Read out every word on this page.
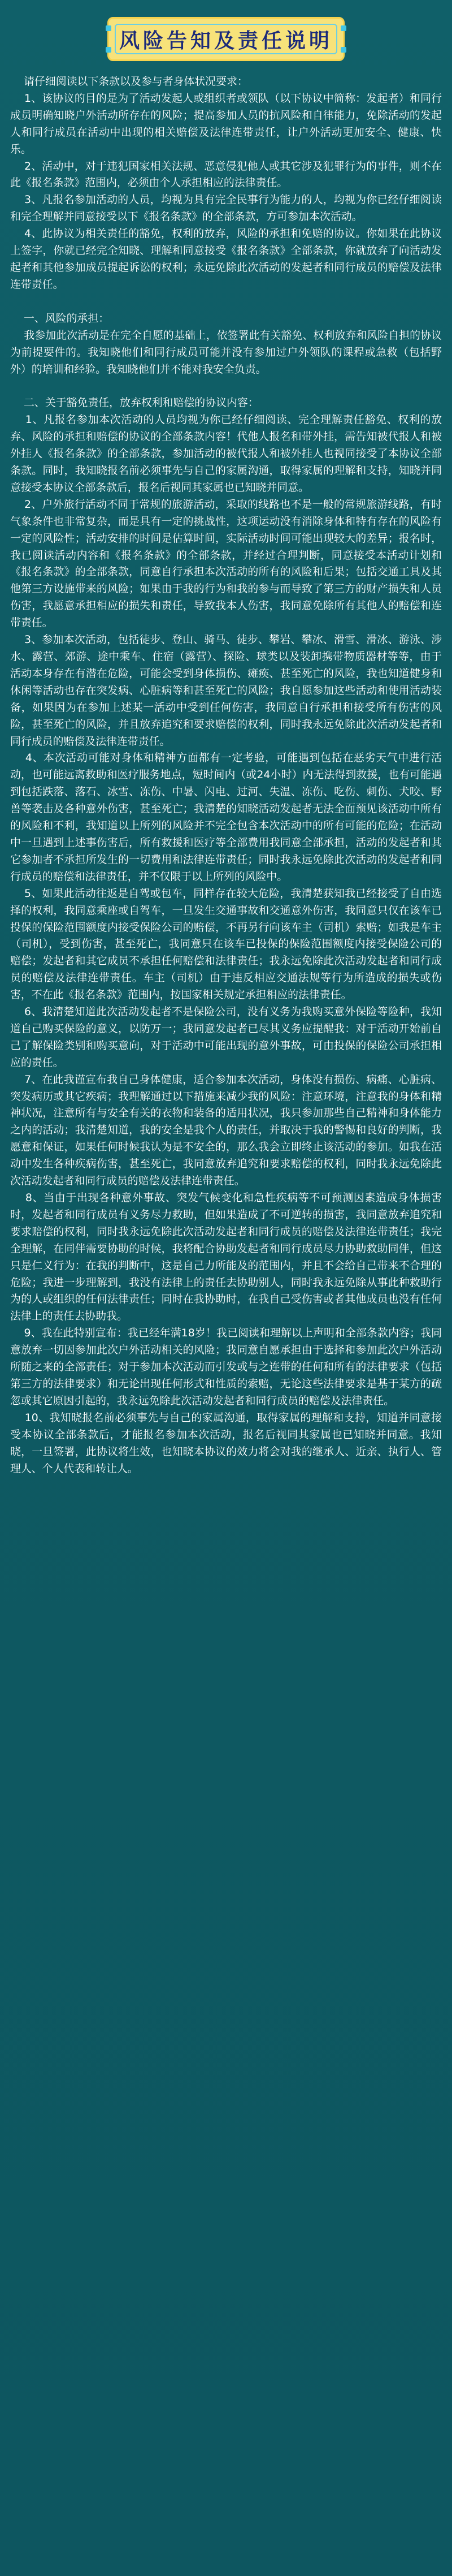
风险告知及责任说明

请仔细阅读以下条款以及参与者身体状况要求：

1、该协议的目的是为了活动发起人或组织者或领队（以下协议中简称：发起者）和同行成员明确知晓户外活动所存在的风险；提高参加人员的抗风险和自律能力，免除活动的发起人和同行成员在活动中出现的相关赔偿及法律连带责任，让户外活动更加安全、健康、快乐。

2、活动中，对于违犯国家相关法规、恶意侵犯他人或其它涉及犯罪行为的事件，则不在此《报名条款》范围内，必须由个人承担相应的法律责任。

3、凡报名参加活动的人员，均视为具有完全民事行为能力的人，均视为你已经仔细阅读和完全理解并同意接受以下《报名条款》的全部条款，方可参加本次活动。

4、此协议为相关责任的豁免，权利的放弃，风险的承担和免赔的协议。你如果在此协议上签字，你就已经完全知晓、理解和同意接受《报名条款》全部条款，你就放弃了向活动发起者和其他参加成员提起诉讼的权利；永远免除此次活动的发起者和同行成员的赔偿及法律连带责任。

一、风险的承担：

我参加此次活动是在完全自愿的基础上，依签署此有关豁免、权利放弃和风险自担的协议为前提要件的。我知晓他们和同行成员可能并没有参加过户外领队的课程或急救（包括野外）的培训和经验。我知晓他们并不能对我安全负责。

二、关于豁免责任，放弃权利和赔偿的协议内容：

1、凡报名参加本次活动的人员均视为你已经仔细阅读、完全理解责任豁免、权利的放弃、风险的承担和赔偿的协议的全部条款内容！代他人报名和带外挂，需告知被代报人和被外挂人《报名条款》的全部条款，参加活动的被代报人和被外挂人也视同接受了本协议全部条款。同时，我知晓报名前必须事先与自己的家属沟通，取得家属的理解和支持，知晓并同意接受本协议全部条款后，报名后视同其家属也已知晓并同意。

2、户外旅行活动不同于常规的旅游活动，采取的线路也不是一般的常规旅游线路，有时气象条件也非常复杂，而是具有一定的挑战性，这项运动没有消除身体和特有存在的风险有一定的风险性；活动安排的时间是估算时间，实际活动时间可能出现较大的差异；报名时，我已阅读活动内容和《报名条款》的全部条款，并经过合理判断，同意接受本活动计划和《报名条款》的全部条款，同意自行承担本次活动的所有的风险和后果；包括交通工具及其他第三方设施带来的风险；如果由于我的行为和我的参与而导致了第三方的财产损失和人员伤害，我愿意承担相应的损失和责任，导致我本人伤害，我同意免除所有其他人的赔偿和连带责任。

3、参加本次活动，包括徒步、登山、骑马、徒步、攀岩、攀冰、滑雪、滑冰、游泳、涉水、露营、郊游、途中乘车、住宿（露营）、探险、球类以及装卸携带物质器材等等，由于活动本身存在有潜在危险，可能会受到身体损伤、瘫痪、甚至死亡的风险，我也知道健身和休闲等活动也存在突发病、心脏病等和甚至死亡的风险；我自愿参加这些活动和使用活动装备，如果因为在参加上述某一活动中受到任何伤害，我同意自行承担和接受所有伤害的风险，甚至死亡的风险，并且放弃追究和要求赔偿的权利，同时我永远免除此次活动发起者和同行成员的赔偿及法律连带责任。

4、本次活动可能对身体和精神方面都有一定考验，可能遇到包括在恶劣天气中进行活动，也可能远离救助和医疗服务地点，短时间内（或24小时）内无法得到救援，也有可能遇到包括跌落、落石、冰雪、冻伤、中暑、闪电、过河、失温、冻伤、吃伤、刺伤、犬咬、野兽等袭击及各种意外伤害，甚至死亡；我清楚的知晓活动发起者无法全面预见该活动中所有的风险和不利，我知道以上所列的风险并不完全包含本次活动中的所有可能的危险；在活动中一旦遇到上述事伤害后，所有救援和医疗等全部费用我同意全部承担，活动的发起者和其它参加者不承担所发生的一切费用和法律连带责任；同时我永远免除此次活动的发起者和同行成员的赔偿和法律责任，并不仅限于以上所列的风险中。

5、如果此活动往返是自驾或包车，同样存在较大危险，我清楚获知我已经接受了自由选择的权利，我同意乘座或自驾车，一旦发生交通事故和交通意外伤害，我同意只仅在该车已投保的保险范围额度内接受保险公司的赔偿，不再另行向该车主（司机）索赔；如我是车主（司机），受到伤害，甚至死亡，我同意只在该车已投保的保险范围额度内接受保险公司的赔偿；发起者和其它成员不承担任何赔偿和法律责任；我永远免除此次活动发起者和同行成员的赔偿及法律连带责任。车主（司机）由于违反相应交通法规等行为所造成的损失或伤害，不在此《报名条款》范围内，按国家相关规定承担相应的法律责任。

6、我清楚知道此次活动发起者不是保险公司，没有义务为我购买意外保险等险种，我知道自己购买保险的意义，以防万一；我同意发起者已尽其义务应提醒我：对于活动开始前自己了解保险类别和购买意向，对于活动中可能出现的意外事故，可由投保的保险公司承担相应的责任。

7、在此我谨宣布我自己身体健康，适合参加本次活动，身体没有损伤、病痛、心脏病、突发病历或其它疾病；我理解通过以下措施来减少我的风险：注意环境，注意我的身体和精神状况，注意所有与安全有关的衣物和装备的适用状况，我只参加那些自己精神和身体能力之内的活动；我清楚知道，我的安全是我个人的责任，并取决于我的警惕和良好的判断，我愿意和保证，如果任何时候我认为是不安全的，那么我会立即终止该活动的参加。如我在活动中发生各种疾病伤害，甚至死亡，我同意放弃追究和要求赔偿的权利，同时我永远免除此次活动发起者和同行成员的赔偿及法律连带责任。

8、当由于出现各种意外事故、突发气候变化和急性疾病等不可预测因素造成身体损害时，发起者和同行成员有义务尽力救助，但如果造成了不可逆转的损害，我同意放弃追究和要求赔偿的权利，同时我永远免除此次活动发起者和同行成员的赔偿及法律连带责任；我完全理解，在同伴需要协助的时候，我将配合协助发起者和同行成员尽力协助救助同伴，但这只是仁义行为：在我的判断中，这是自己力所能及的范围内，并且不会给自己带来不合理的危险；我进一步理解到，我没有法律上的责任去协助别人，同时我永远免除从事此种救助行为的人或组织的任何法律责任；同时在我协助时，在我自己受伤害或者其他成员也没有任何法律上的责任去协助我。

9、我在此特别宣布：我已经年满18岁！我已阅读和理解以上声明和全部条款内容；我同意放弃一切因参加此次户外活动相关的风险；我同意自愿承担由于选择和参加此次户外活动所随之来的全部责任；对于参加本次活动而引发或与之连带的任何和所有的法律要求（包括第三方的法律要求）和无论出现任何形式和性质的索赔，无论这些法律要求是基于某方的疏忽或其它原因引起的，我永远免除此次活动发起者和同行成员的赔偿及法律责任。

10、我知晓报名前必须事先与自己的家属沟通，取得家属的理解和支持，知道并同意接受本协议全部条款后，才能报名参加本次活动，报名后视同其家属也已知晓并同意。我知晓，一旦签署，此协议将生效，也知晓本协议的效力将会对我的继承人、近亲、执行人、管理人、个人代表和转让人。
